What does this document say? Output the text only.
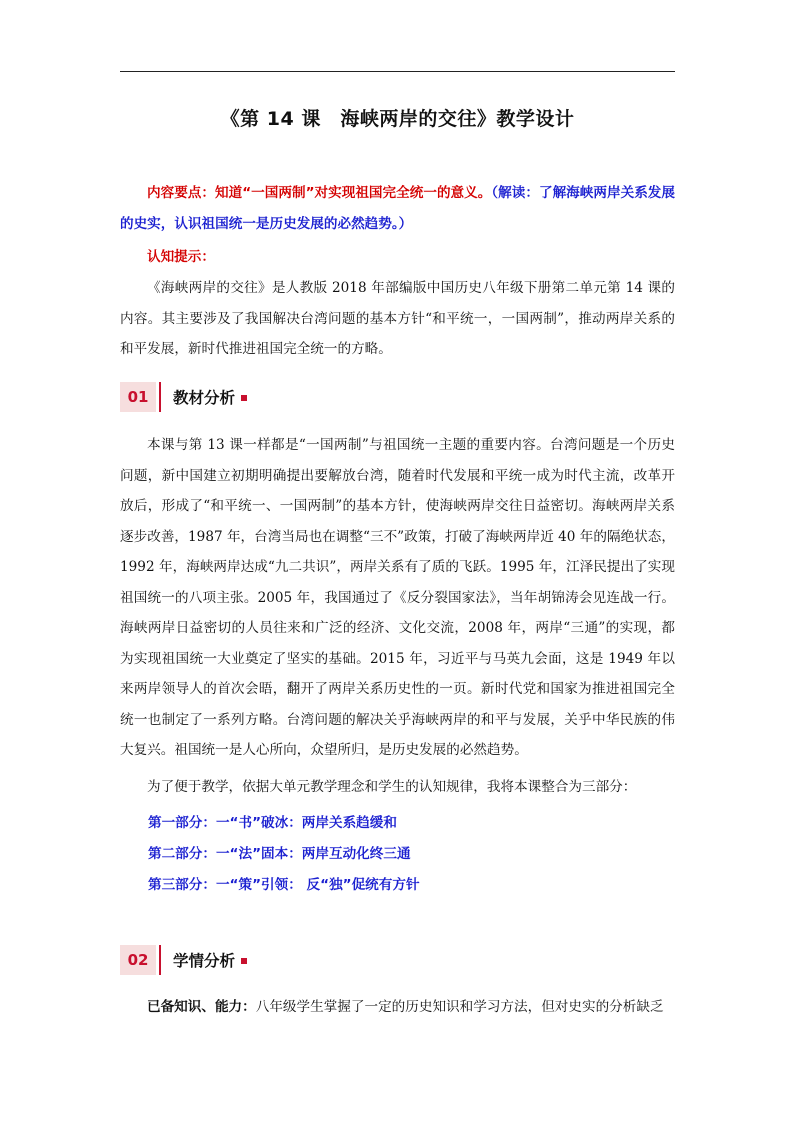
《第 14 课　海峡两岸的交往》教学设计

内容要点：知道“一国两制”对实现祖国完全统一的意义。（解读：了解海峡两岸关系发展的史实，认识祖国统一是历史发展的必然趋势。）

认知提示：

《海峡两岸的交往》是人教版 2018 年部编版中国历史八年级下册第二单元第 14 课的内容。其主要涉及了我国解决台湾问题的基本方针“和平统一，一国两制”，推动两岸关系的和平发展，新时代推进祖国完全统一的方略。

01	教材分析

本课与第 13 课一样都是“一国两制”与祖国统一主题的重要内容。台湾问题是一个历史问题，新中国建立初期明确提出要解放台湾，随着时代发展和平统一成为时代主流，改革开放后，形成了“和平统一、一国两制”的基本方针，使海峡两岸交往日益密切。海峡两岸关系逐步改善，1987 年，台湾当局也在调整“三不”政策，打破了海峡两岸近 40 年的隔绝状态，1992 年，海峡两岸达成“九二共识”，两岸关系有了质的飞跃。1995 年，江泽民提出了实现祖国统一的八项主张。2005 年，我国通过了《反分裂国家法》，当年胡锦涛会见连战一行。海峡两岸日益密切的人员往来和广泛的经济、文化交流，2008 年，两岸“三通”的实现，都为实现祖国统一大业奠定了坚实的基础。2015 年，习近平与马英九会面，这是 1949 年以来两岸领导人的首次会晤，翻开了两岸关系历史性的一页。新时代党和国家为推进祖国完全统一也制定了一系列方略。台湾问题的解决关乎海峡两岸的和平与发展，关乎中华民族的伟大复兴。祖国统一是人心所向，众望所归，是历史发展的必然趋势。

为了便于教学，依据大单元教学理念和学生的认知规律，我将本课整合为三部分：

第一部分：一“书”破冰：两岸关系趋缓和
第二部分：一“法”固本：两岸互动化终三通
第三部分：一“策”引领： 反“独”促统有方针
02	学情分析

已备知识、能力：八年级学生掌握了一定的历史知识和学习方法，但对史实的分析缺乏
